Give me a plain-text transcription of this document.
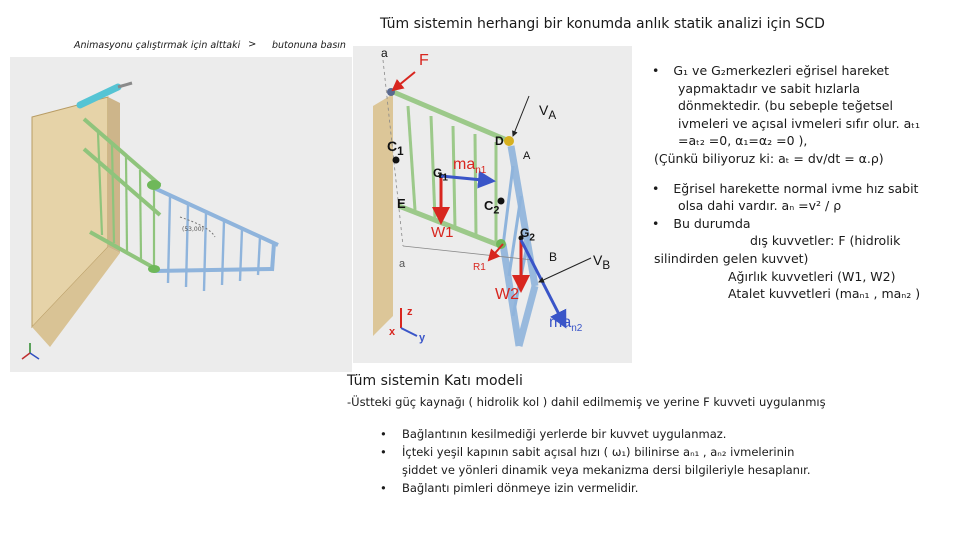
Tüm sistemin herhangi bir konumda anlık statik analizi için SCD
Animasyonu çalıştırmak için alttaki > butonuna basın
(53,00)
a F
$V_A$
A
D
$C_1$
$ma_{n1}$
$G_1$
E	$C_2$
W1	$G_2$
B
R1	$V_B$
a
W2
$ma_{n2}$
z
x y

• G₁ ve G₂merkezleri eğrisel hareket

yapmaktadır ve sabit hızlarla

dönmektedir. (bu sebeple teğetsel

ivmeleri ve açısal ivmeleri sıfır olur. aₜ₁

=aₜ₂ =0, α₁=α₂ =0 ),

(Çünkü biliyoruz ki: aₜ = dv/dt = α.ρ)

• Eğrisel harekette normal ivme hız sabit

olsa dahi vardır. aₙ =v² / ρ

• Bu durumda

dış kuvvetler: F (hidrolik

silindirden gelen kuvvet)

Ağırlık kuvvetleri (W1, W2)

Atalet kuvvetleri (maₙ₁ , maₙ₂ )

Tüm sistemin Katı modeli
-Üstteki güç kaynağı ( hidrolik kol ) dahil edilmemiş ve yerine F kuvveti uygulanmış
• Bağlantının kesilmediği yerlerde bir kuvvet uygulanmaz.
• İçteki yeşil kapının sabit açısal hızı ( ω₁) bilinirse aₙ₁ , aₙ₂ ivmelerinin
şiddet ve yönleri dinamik veya mekanizma dersi bilgileriyle hesaplanır.
• Bağlantı pimleri dönmeye izin vermelidir.
